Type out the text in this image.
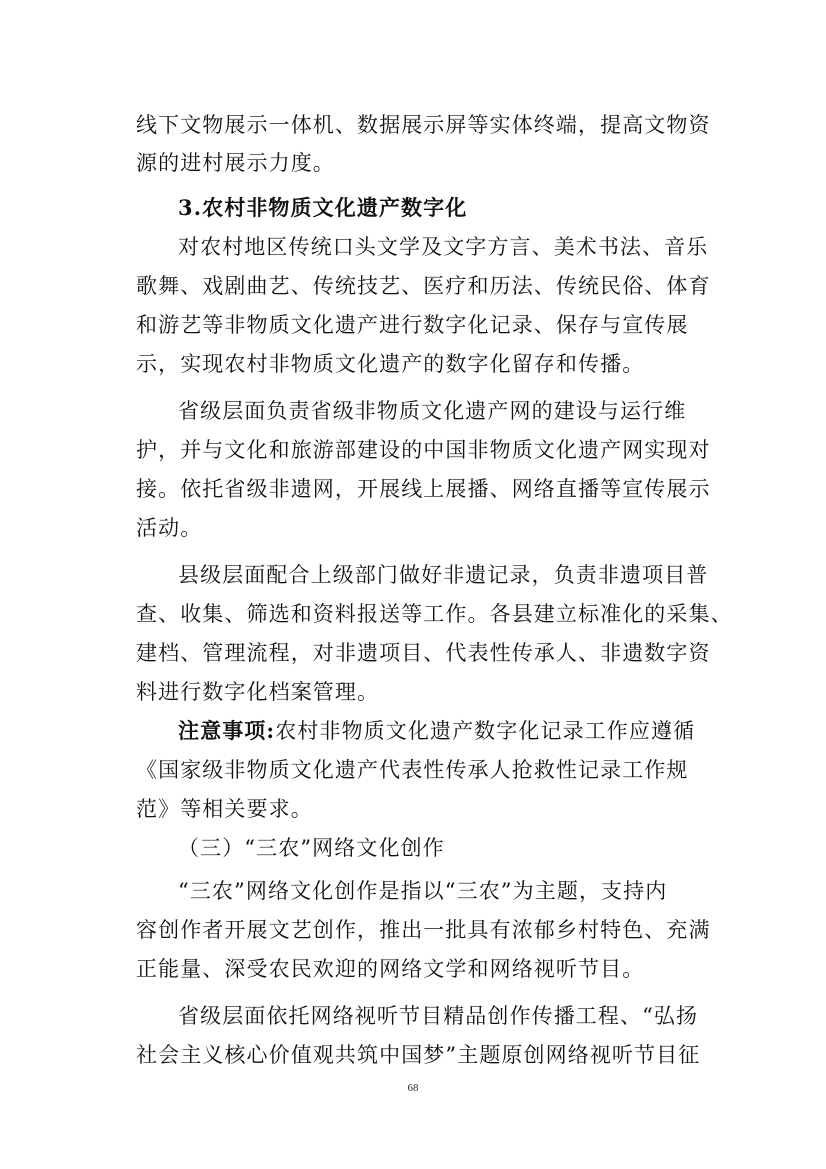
线下文物展示一体机、数据展示屏等实体终端，提高文物资
源的进村展示力度。
3.农村非物质文化遗产数字化
对农村地区传统口头文学及文字方言、美术书法、音乐
歌舞、戏剧曲艺、传统技艺、医疗和历法、传统民俗、体育
和游艺等非物质文化遗产进行数字化记录、保存与宣传展
示，实现农村非物质文化遗产的数字化留存和传播。
省级层面负责省级非物质文化遗产网的建设与运行维
护，并与文化和旅游部建设的中国非物质文化遗产网实现对
接。依托省级非遗网，开展线上展播、网络直播等宣传展示
活动。
县级层面配合上级部门做好非遗记录，负责非遗项目普
查、收集、筛选和资料报送等工作。各县建立标准化的采集、
建档、管理流程，对非遗项目、代表性传承人、非遗数字资
料进行数字化档案管理。
注意事项:农村非物质文化遗产数字化记录工作应遵循
《国家级非物质文化遗产代表性传承人抢救性记录工作规
范》等相关要求。
（三）“三农”网络文化创作
“三农”网络文化创作是指以“三农”为主题，支持内
容创作者开展文艺创作，推出一批具有浓郁乡村特色、充满
正能量、深受农民欢迎的网络文学和网络视听节目。
省级层面依托网络视听节目精品创作传播工程、“弘扬
社会主义核心价值观共筑中国梦”主题原创网络视听节目征
68
